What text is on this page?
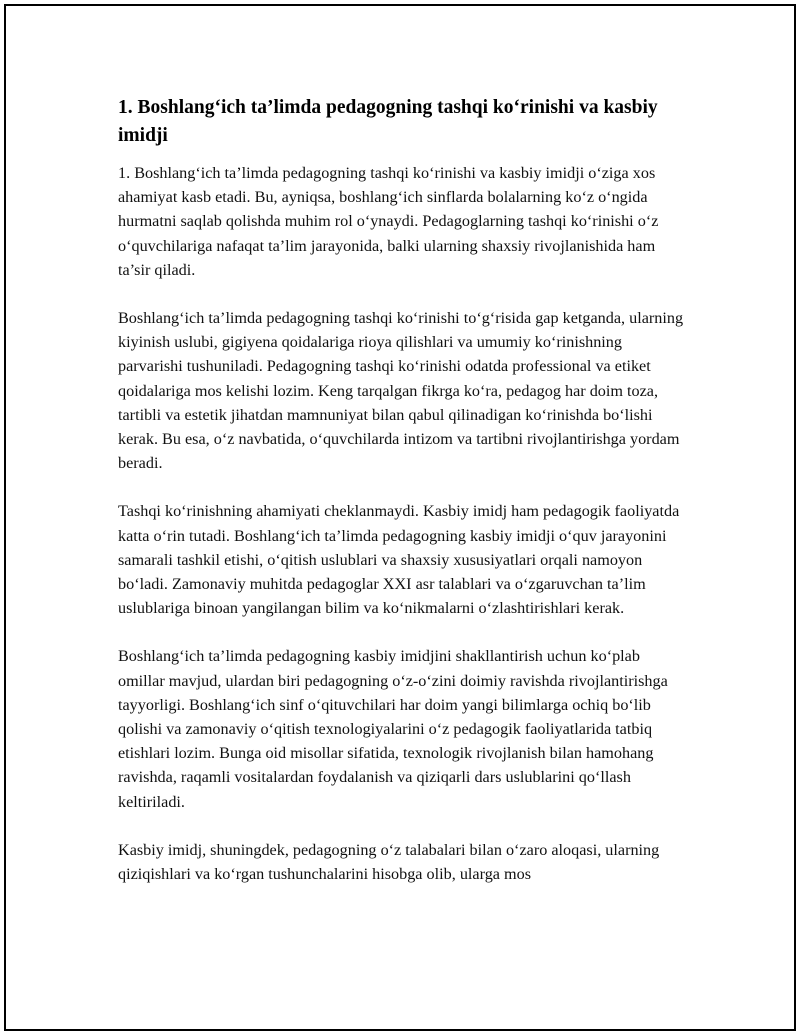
1. Boshlang‘ich ta’limda pedagogning tashqi ko‘rinishi va kasbiy imidji

1. Boshlang‘ich ta’limda pedagogning tashqi ko‘rinishi va kasbiy imidji o‘ziga xos ahamiyat kasb etadi. Bu, ayniqsa, boshlang‘ich sinflarda bolalarning ko‘z o‘ngida hurmatni saqlab qolishda muhim rol o‘ynaydi. Pedagoglarning tashqi ko‘rinishi o‘z o‘quvchilariga nafaqat ta’lim jarayonida, balki ularning shaxsiy rivojlanishida ham ta’sir qiladi.

Boshlang‘ich ta’limda pedagogning tashqi ko‘rinishi to‘g‘risida gap ketganda, ularning kiyinish uslubi, gigiyena qoidalariga rioya qilishlari va umumiy ko‘rinishning parvarishi tushuniladi. Pedagogning tashqi ko‘rinishi odatda professional va etiket qoidalariga mos kelishi lozim. Keng tarqalgan fikrga ko‘ra, pedagog har doim toza, tartibli va estetik jihatdan mamnuniyat bilan qabul qilinadigan ko‘rinishda bo‘lishi kerak. Bu esa, o‘z navbatida, o‘quvchilarda intizom va tartibni rivojlantirishga yordam beradi.

Tashqi ko‘rinishning ahamiyati cheklanmaydi. Kasbiy imidj ham pedagogik faoliyatda katta o‘rin tutadi. Boshlang‘ich ta’limda pedagogning kasbiy imidji o‘quv jarayonini samarali tashkil etishi, o‘qitish uslublari va shaxsiy xususiyatlari orqali namoyon bo‘ladi. Zamonaviy muhitda pedagoglar XXI asr talablari va o‘zgaruvchan ta’lim uslublariga binoan yangilangan bilim va ko‘nikmalarni o‘zlashtirishlari kerak.

Boshlang‘ich ta’limda pedagogning kasbiy imidjini shakllantirish uchun ko‘plab omillar mavjud, ulardan biri pedagogning o‘z-o‘zini doimiy ravishda rivojlantirishga tayyorligi. Boshlang‘ich sinf o‘qituvchilari har doim yangi bilimlarga ochiq bo‘lib qolishi va zamonaviy o‘qitish texnologiyalarini o‘z pedagogik faoliyatlarida tatbiq etishlari lozim. Bunga oid misollar sifatida, texnologik rivojlanish bilan hamohang ravishda, raqamli vositalardan foydalanish va qiziqarli dars uslublarini qo‘llash keltiriladi.

Kasbiy imidj, shuningdek, pedagogning o‘z talabalari bilan o‘zaro aloqasi, ularning qiziqishlari va ko‘rgan tushunchalarini hisobga olib, ularga mos
